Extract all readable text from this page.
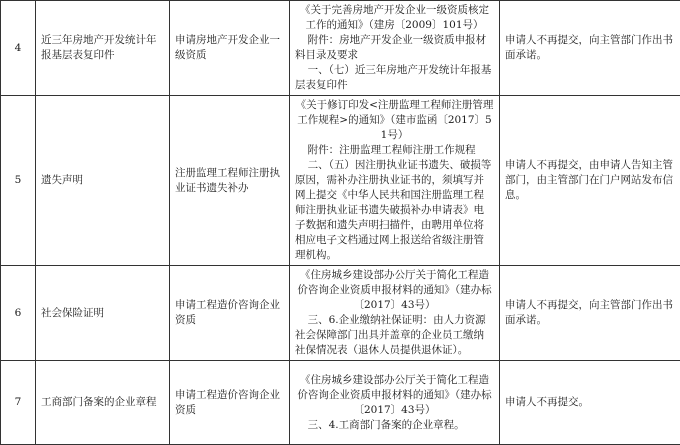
4	近三年房地产开发统计年报基层表复印件	申请房地产开发企业一级资质	《关于完善房地产开发企业一级资质核定工作的通知》（建房〔2009〕101号）

附件：房地产开发企业一级资质申报材料目录及要求

一、（七）近三年房地产开发统计年报基层表复印件	申请人不再提交，向主管部门作出书面承诺。
5	遗失声明	注册监理工程师注册执业证书遗失补办	《关于修订印发<注册监理工程师注册管理工作规程>的通知》（建市监函〔2017〕51号）

附件：注册监理工程师注册工作规程

二、（五）因注册执业证书遗失、破损等原因，需补办注册执业证书的，须填写并网上提交《中华人民共和国注册监理工程师注册执业证书遗失破损补办申请表》电子数据和遗失声明扫描件，由聘用单位将相应电子文档通过网上报送给省级注册管理机构。	申请人不再提交，由申请人告知主管部门，由主管部门在门户网站发布信息。
6	社会保险证明	申请工程造价咨询企业资质	《住房城乡建设部办公厅关于简化工程造价咨询企业资质申报材料的通知》（建办标〔2017〕43号）

三、6.企业缴纳社保证明：由人力资源社会保障部门出具并盖章的企业员工缴纳社保情况表（退休人员提供退休证）。	申请人不再提交，向主管部门作出书面承诺。
7	工商部门备案的企业章程	申请工程造价咨询企业资质	《住房城乡建设部办公厅关于简化工程造价咨询企业资质申报材料的通知》（建办标〔2017〕43号）

三、4.工商部门备案的企业章程。	申请人不再提交。
